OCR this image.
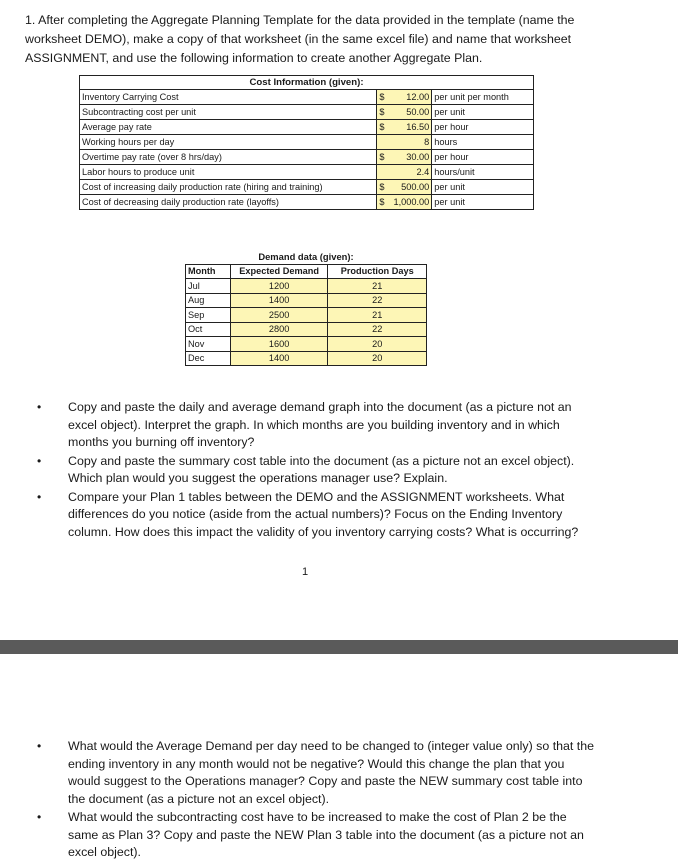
1. After completing the Aggregate Planning Template for the data provided in the template (name the worksheet DEMO), make a copy of that worksheet (in the same excel file) and name that worksheet ASSIGNMENT, and use the following information to create another Aggregate Plan.

Cost Information (given):		
Inventory Carrying Cost	$ 12.00	per unit per month
Subcontracting cost per unit	$ 50.00	per unit
Average pay rate	$ 16.50	per hour
Working hours per day	8	hours
Overtime pay rate (over 8 hrs/day)	$ 30.00	per hour
Labor hours to produce unit	2.4	hours/unit
Cost of increasing daily production rate (hiring and training)	$ 500.00	per unit
Cost of decreasing daily production rate (layoffs)	$ 1,000.00	per unit
Demand data (given):		
Month	Expected Demand	Production Days
Jul	1200	21
Aug	1400	22
Sep	2500	21
Oct	2800	22
Nov	1600	20
Dec	1400	20
• Copy and paste the daily and average demand graph into the document (as a picture not an excel object). Interpret the graph. In which months are you building inventory and in which months you burning off inventory?
• Copy and paste the summary cost table into the document (as a picture not an excel object). Which plan would you suggest the operations manager use? Explain.
• Compare your Plan 1 tables between the DEMO and the ASSIGNMENT worksheets. What differences do you notice (aside from the actual numbers)? Focus on the Ending Inventory column. How does this impact the validity of you inventory carrying costs? What is occurring?
1
• What would the Average Demand per day need to be changed to (integer value only) so that the ending inventory in any month would not be negative? Would this change the plan that you would suggest to the Operations manager? Copy and paste the NEW summary cost table into the document (as a picture not an excel object).
• What would the subcontracting cost have to be increased to make the cost of Plan 2 be the same as Plan 3? Copy and paste the NEW Plan 3 table into the document (as a picture not an excel object).
